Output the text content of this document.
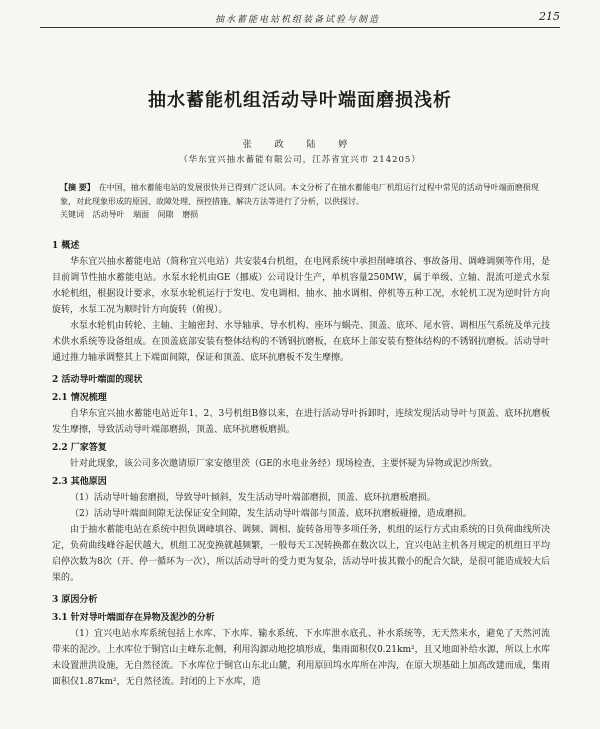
抽水蓄能电站机组装备试验与制造	215
抽水蓄能机组活动导叶端面磨损浅析
张 政 陆 婷
（华东宜兴抽水蓄能有限公司，江苏省宜兴市 214205）

【摘 要】 在中国，抽水蓄能电站的发展很快并已得到广泛认同。本文分析了在抽水蓄能电厂机组运行过程中常见的活动导叶端面磨损现象，对此现象形成的原因、故障处理、预控措施、解决方法等进行了分析，以供探讨。

关键词 活动导叶 端面 间隙 磨损
1 概述

华东宜兴抽水蓄能电站（简称宜兴电站）共安装4台机组，在电网系统中承担削峰填谷、事故备用、调峰调频等作用，是目前调节性抽水蓄能电站。水泵水轮机由GE（挪威）公司设计生产，单机容量250MW，属于单级、立轴、混流可逆式水泵水轮机组，根据设计要求，水泵水轮机运行于发电、发电调相、抽水、抽水调相、停机等五种工况，水轮机工况为逆时针方向旋转，水泵工况为顺时针方向旋转（俯视）。

水泵水轮机由转轮、主轴、主轴密封、水导轴承、导水机构、座环与蜗壳、顶盖、底环、尾水管、调相压气系统及单元技术供水系统等设备组成。在顶盖底部安装有整体结构的不锈钢抗磨板，在底环上部安装有整体结构的不锈钢抗磨板。活动导叶通过推力轴承调整其上下端面间隙，保证和顶盖、底环抗磨板不发生摩擦。

2 活动导叶端面的现状
2.1 情况梳理

自华东宜兴抽水蓄能电站近年1、2、3号机组B修以来，在进行活动导叶拆卸时，连续发现活动导叶与顶盖、底环抗磨板发生摩擦，导致活动导叶端部磨损，顶盖、底环抗磨板磨损。

2.2 厂家答复

针对此现象，该公司多次邀请原厂家安德里茨（GE的水电业务经）现场检查，主要怀疑为异物或泥沙所致。

2.3 其他原因

（1）活动导叶轴套磨损，导致导叶倾斜，发生活动导叶端部磨损，顶盖、底环抗磨板磨损。

（2）活动导叶端面间隙无法保证安全间隙，发生活动导叶端部与顶盖、底环抗磨板碰撞，造成磨损。

由于抽水蓄能电站在系统中担负调峰填谷、调频、调相、旋转备用等多项任务，机组的运行方式由系统的日负荷曲线所决定，负荷曲线峰谷起伏越大，机组工况变换就越频繁，一般每天工况转换都在数次以上，宜兴电站主机各月规定的机组日平均启停次数为8次（开、停一循环为一次），所以活动导叶的受力更为复杂，活动导叶拔其微小的配合欠缺，是很可能造成较大后果的。

3 原因分析
3.1 针对导叶端面存在异物及泥沙的分析

（1）宜兴电站水库系统包括上水库、下水库、输水系统、下水库泄水底孔、补水系统等，无天然来水，避免了天然河流带来的泥沙。上水库位于铜官山主峰东北侧，利用沟源动地挖填形成，集雨面积仅0.21km²，且又地面补给水源，所以上水库未设置泄洪设施，无自然径流。下水库位于铜官山东北山麓，利用原回坞水库所在冲沟，在原大坝基础上加高改建而成，集雨面积仅1.87km²，无自然径流。封闭的上下水库，造
